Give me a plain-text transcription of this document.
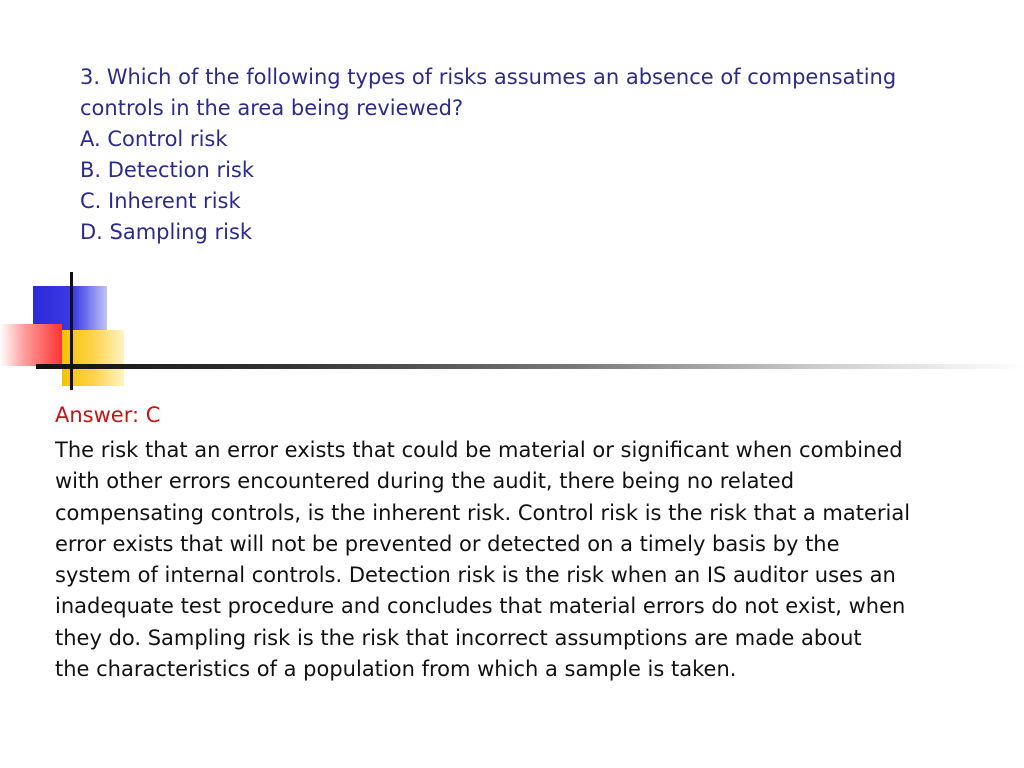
3. Which of the following types of risks assumes an absence of compensating
controls in the area being reviewed?
A. Control risk
B. Detection risk
C. Inherent risk
D. Sampling risk
Answer: C
The risk that an error exists that could be material or significant when combined
with other errors encountered during the audit, there being no related
compensating controls, is the inherent risk. Control risk is the risk that a material
error exists that will not be prevented or detected on a timely basis by the
system of internal controls. Detection risk is the risk when an IS auditor uses an
inadequate test procedure and concludes that material errors do not exist, when
they do. Sampling risk is the risk that incorrect assumptions are made about
the characteristics of a population from which a sample is taken.
